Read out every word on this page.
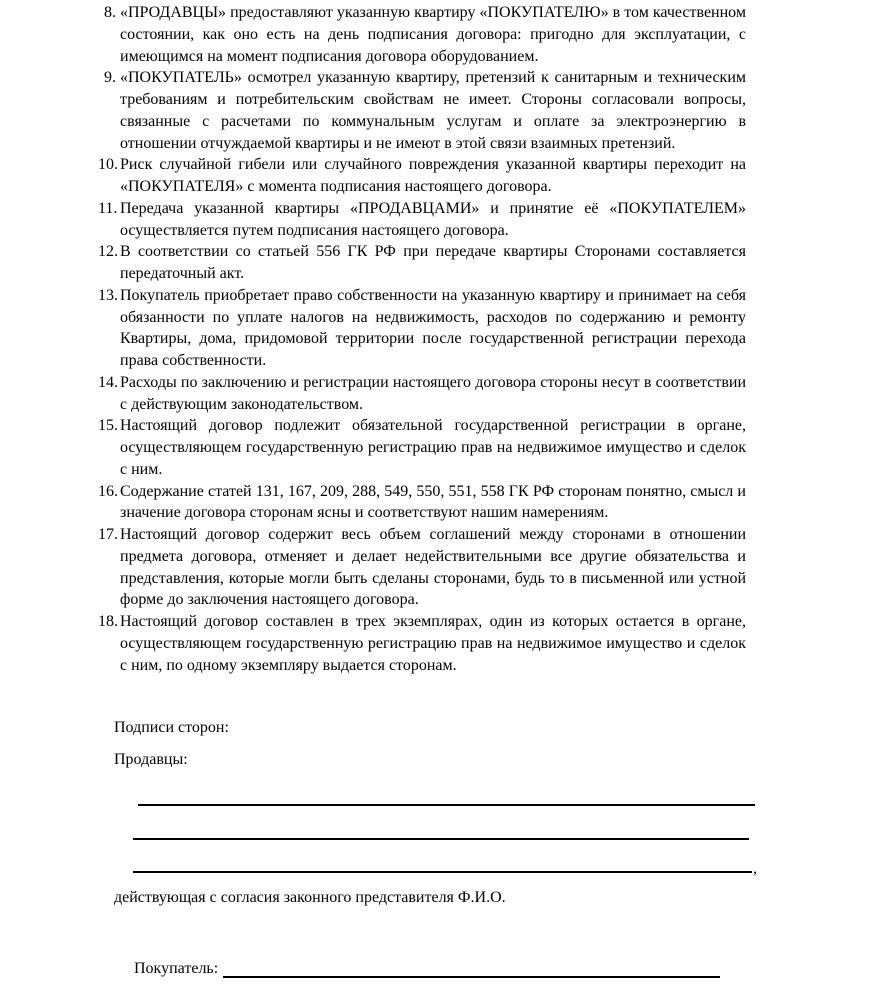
8. «ПРОДАВЦЫ» предоставляют указанную квартиру «ПОКУПАТЕЛЮ» в том качественном состоянии, как оно есть на день подписания договора: пригодно для эксплуатации, с имеющимся на момент подписания договора оборудованием.
9. «ПОКУПАТЕЛЬ» осмотрел указанную квартиру, претензий к санитарным и техническим требованиям и потребительским свойствам не имеет. Стороны согласовали вопросы, связанные с расчетами по коммунальным услугам и оплате за электроэнергию в отношении отчуждаемой квартиры и не имеют в этой связи взаимных претензий.
10. Риск случайной гибели или случайного повреждения указанной квартиры переходит на «ПОКУПАТЕЛЯ» с момента подписания настоящего договора.
11. Передача указанной квартиры «ПРОДАВЦАМИ» и принятие её «ПОКУПАТЕЛЕМ» осуществляется путем подписания настоящего договора.
12. В соответствии со статьей 556 ГК РФ при передаче квартиры Сторонами составляется передаточный акт.
13. Покупатель приобретает право собственности на указанную квартиру и принимает на себя обязанности по уплате налогов на недвижимость, расходов по содержанию и ремонту Квартиры, дома, придомовой территории после государственной регистрации перехода права собственности.
14. Расходы по заключению и регистрации настоящего договора стороны несут в соответствии с действующим законодательством.
15. Настоящий договор подлежит обязательной государственной регистрации в органе, осуществляющем государственную регистрацию прав на недвижимое имущество и сделок с ним.
16. Содержание статей 131, 167, 209, 288, 549, 550, 551, 558 ГК РФ сторонам понятно, смысл и значение договора сторонам ясны и соответствуют нашим намерениям.
17. Настоящий договор содержит весь объем соглашений между сторонами в отношении предмета договора, отменяет и делает недействительными все другие обязательства и представления, которые могли быть сделаны сторонами, будь то в письменной или устной форме до заключения настоящего договора.
18. Настоящий договор составлен в трех экземплярах, один из которых остается в органе, осуществляющем государственную регистрацию прав на недвижимое имущество и сделок с ним, по одному экземпляру выдается сторонам.
Подписи сторон:
Продавцы:
,
действующая с согласия законного представителя Ф.И.О.
Покупатель:
